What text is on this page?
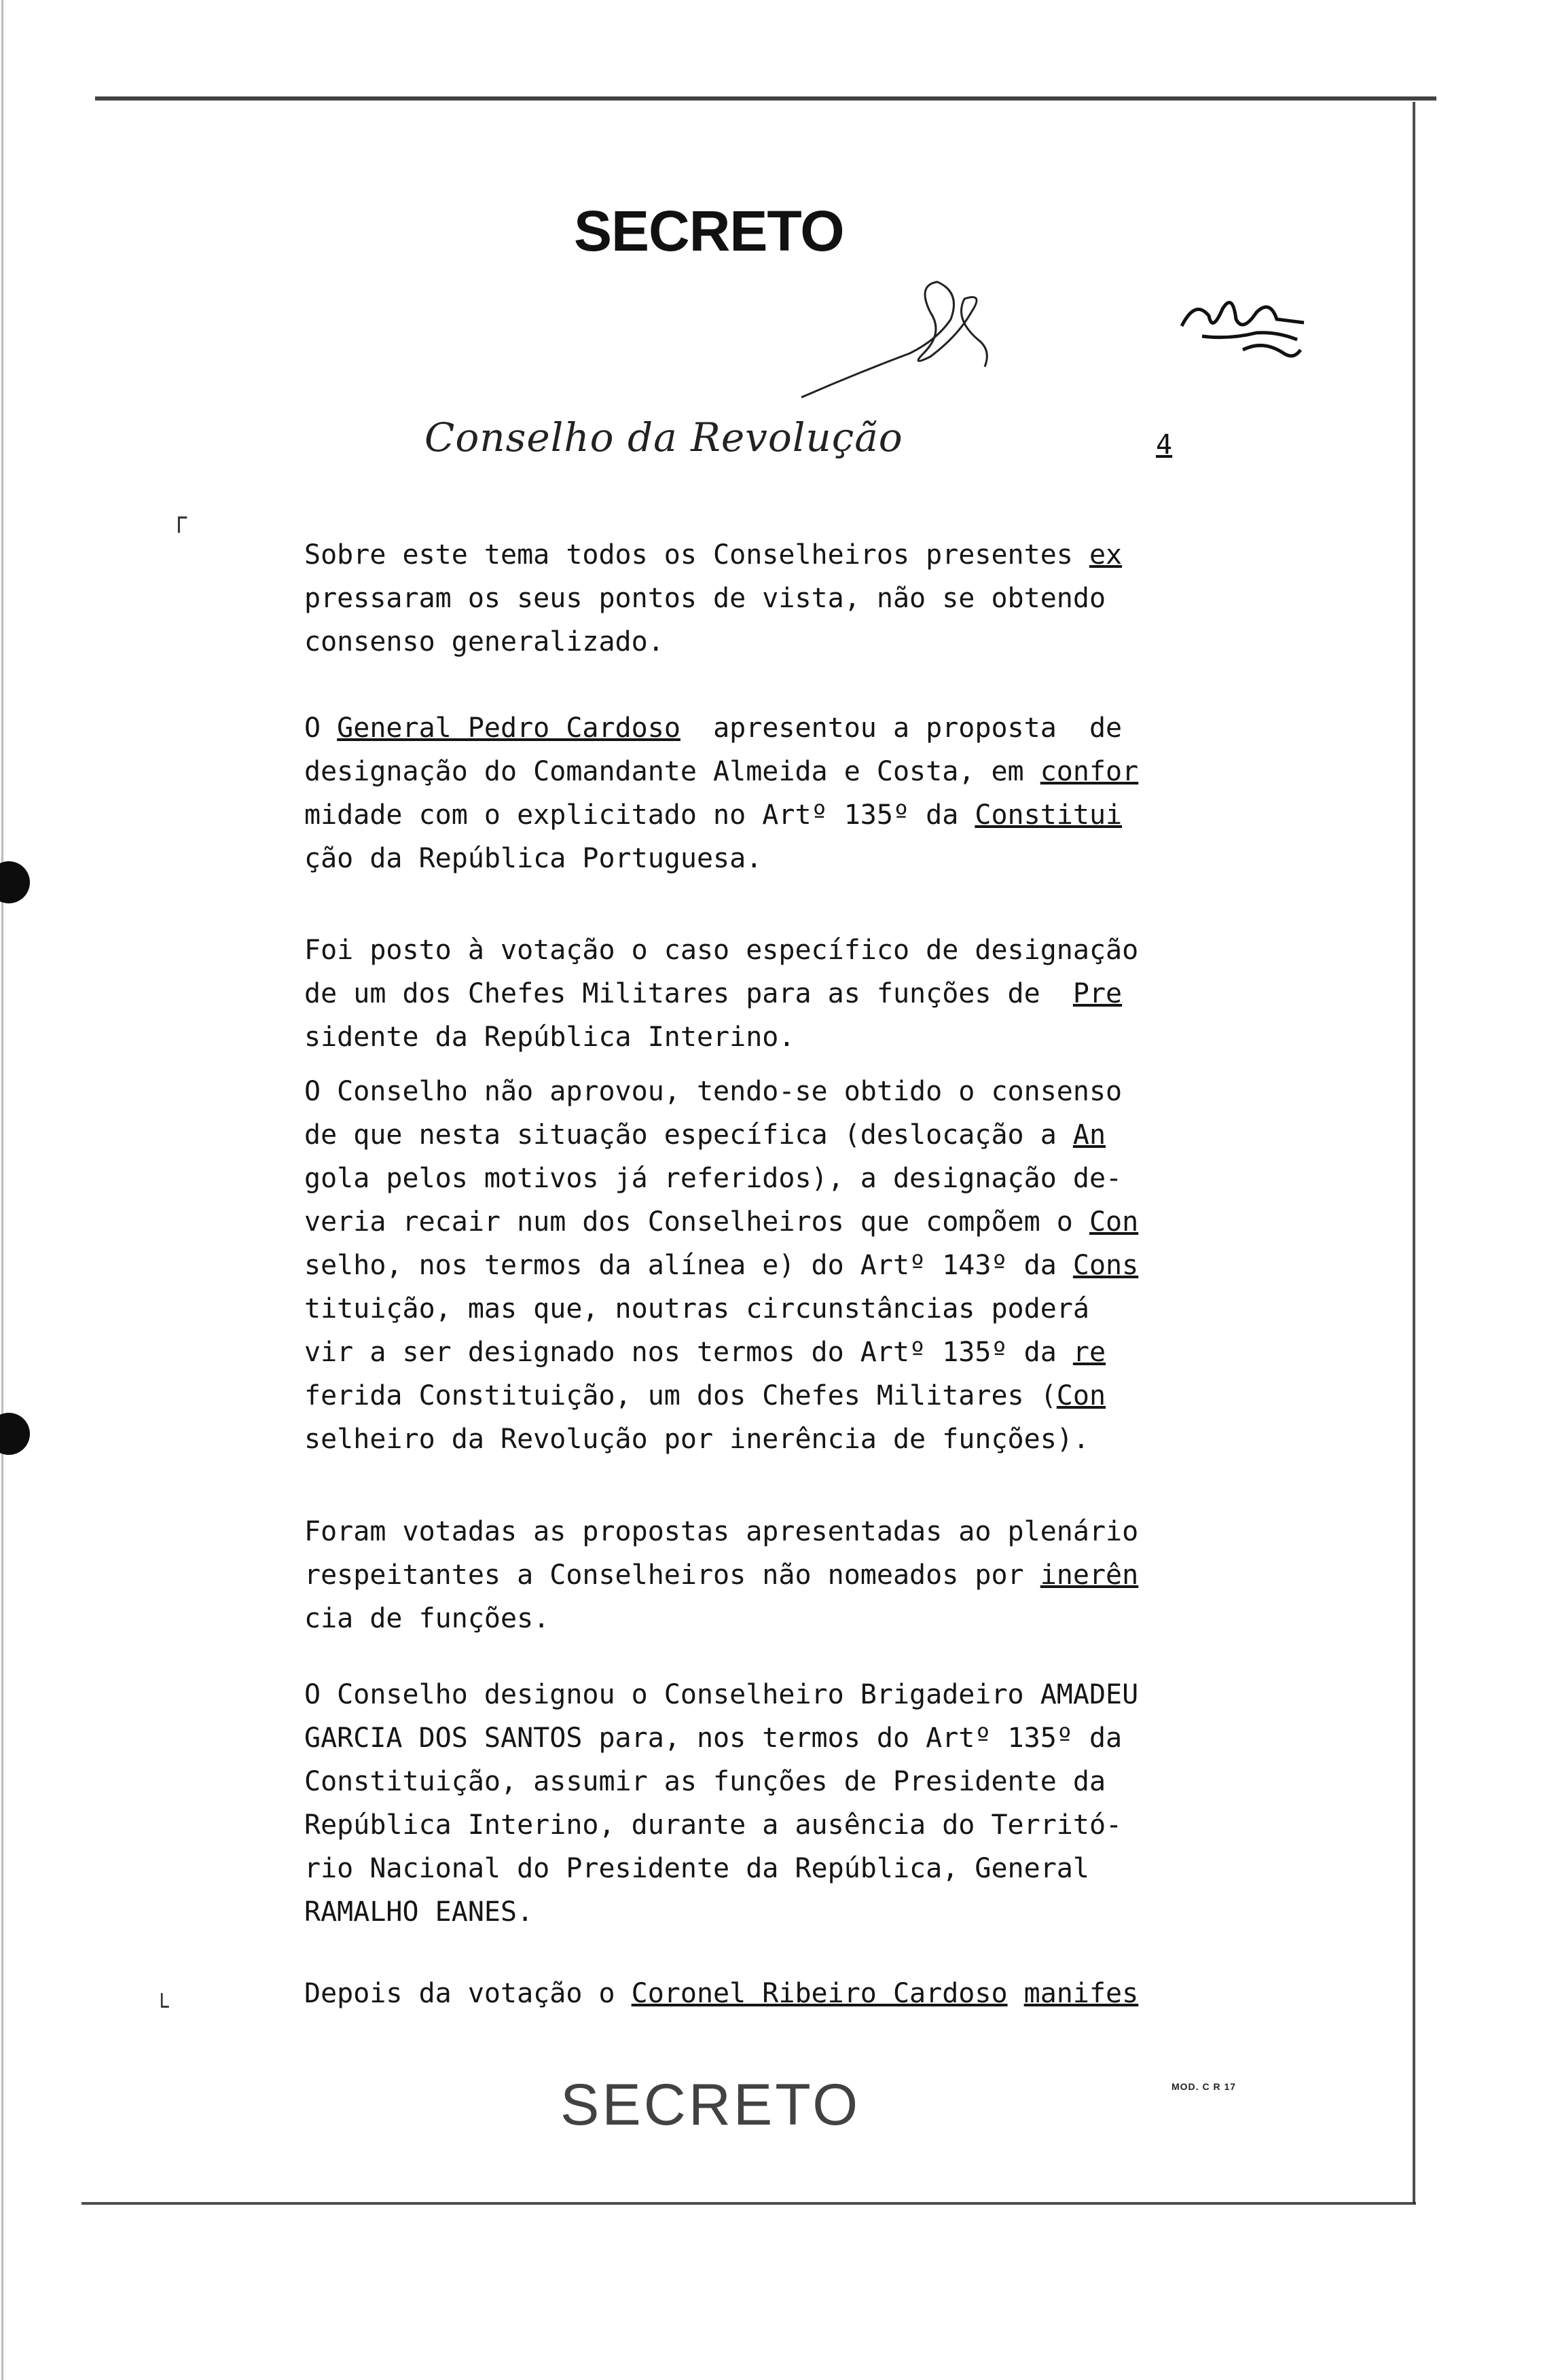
SECRETO
Conselho da Revolução	4
┌
└
Sobre este tema todos os Conselheiros presentes ex
pressaram os seus pontos de vista, não se obtendo
consenso generalizado.
O General Pedro Cardoso  apresentou a proposta  de
designação do Comandante Almeida e Costa, em confor
midade com o explicitado no Artº 135º da Constitui
ção da República Portuguesa.
Foi posto à votação o caso específico de designação
de um dos Chefes Militares para as funções de  Pre
sidente da República Interino.
O Conselho não aprovou, tendo-se obtido o consenso
de que nesta situação específica (deslocação a An
gola pelos motivos já referidos), a designação de-
veria recair num dos Conselheiros que compõem o Con
selho, nos termos da alínea e) do Artº 143º da Cons
tituição, mas que, noutras circunstâncias poderá
vir a ser designado nos termos do Artº 135º da re
ferida Constituição, um dos Chefes Militares (Con
selheiro da Revolução por inerência de funções).
Foram votadas as propostas apresentadas ao plenário
respeitantes a Conselheiros não nomeados por inerên
cia de funções.
O Conselho designou o Conselheiro Brigadeiro AMADEU
GARCIA DOS SANTOS para, nos termos do Artº 135º da
Constituição, assumir as funções de Presidente da
República Interino, durante a ausência do Territó-
rio Nacional do Presidente da República, General
RAMALHO EANES.
Depois da votação o Coronel Ribeiro Cardoso manifes
SECRETO	MOD. C R 17
